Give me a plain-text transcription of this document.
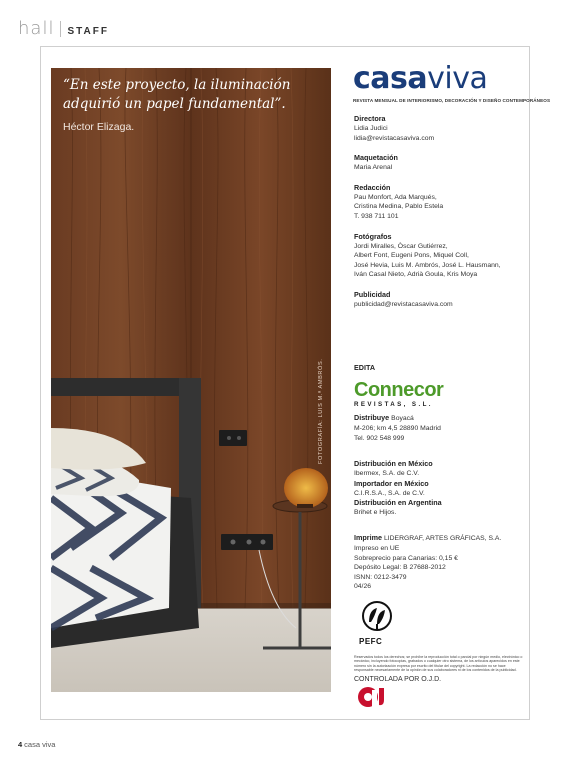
hall STAFF
“En este proyecto, la iluminación adquirió un papel fundamental”.
Héctor Elizaga.
FOTOGRAFÍA: LUIS M.ª AMBRÓS.
casaviva
REVISTA MENSUAL DE INTERIORISMO, DECORACIÓN Y DISEÑO CONTEMPORÁNEOS
Directora
Lidia Judici
lidia@revistacasaviva.com
Maquetación
Maria Arenal
Redacción
Pau Monfort, Ada Marqués,
Cristina Medina, Pablo Estela
T. 938 711 101
Fotógrafos
Jordi Miralles, Òscar Gutiérrez,
Albert Font, Eugeni Pons, Miquel Coll,
José Hevia, Luis M. Ambrós, José L. Hausmann,
Iván Casal Nieto, Adrià Goula, Kris Moya
Publicidad
publicidad@revistacasaviva.com
EDITA
Connecor
REVISTAS, S.L.
Distribuye Boyacá
M-206; km 4,5 28890 Madrid
Tel. 902 548 999
Distribución en México
Ibermex, S.A. de C.V.
Importador en México
C.I.R.S.A., S.A. de C.V.
Distribución en Argentina
Brihet e Hijos.
Imprime LIDERGRAF, ARTES GRÁFICAS, S.A.
Impreso en UE
Sobreprecio para Canarias: 0,15 €
Depósito Legal: B 27688-2012
ISNN: 0212-3479
04/26
PEFC
Reservados todos los derechos; se prohíbe la reproducción total o parcial por ningún medio, electrónico o mecánico, incluyendo fotocopias, grabados o cualquier otro sistema, de los artículos aparecidos en este número sin la autorización expresa por escrito del titular del copyright. La redacción no se hace responsable necesariamente de la opinión de sus colaboradores ni de los contenidos de la publicidad.
CONTROLADA POR O.J.D.
4 casa viva
